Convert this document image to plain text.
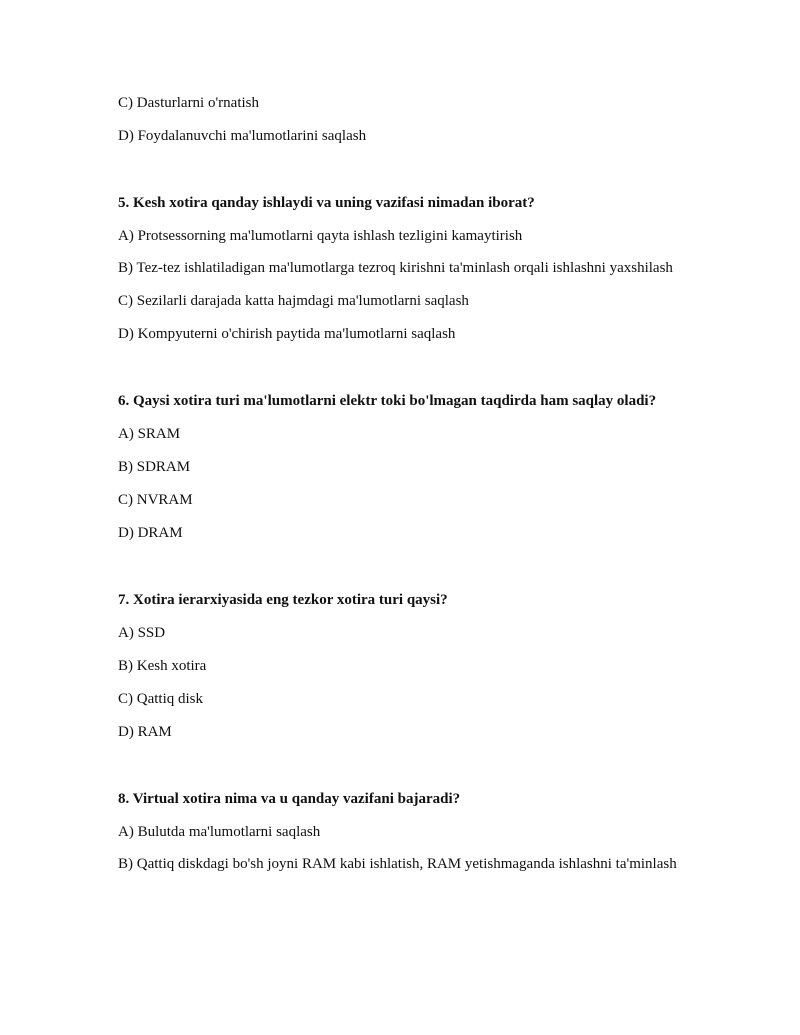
C) Dasturlarni o'rnatish
D) Foydalanuvchi ma'lumotlarini saqlash
5. Kesh xotira qanday ishlaydi va uning vazifasi nimadan iborat?
A) Protsessorning ma'lumotlarni qayta ishlash tezligini kamaytirish
B) Tez-tez ishlatiladigan ma'lumotlarga tezroq kirishni ta'minlash orqali ishlashni yaxshilash
C) Sezilarli darajada katta hajmdagi ma'lumotlarni saqlash
D) Kompyuterni o'chirish paytida ma'lumotlarni saqlash
6. Qaysi xotira turi ma'lumotlarni elektr toki bo'lmagan taqdirda ham saqlay oladi?
A) SRAM
B) SDRAM
C) NVRAM
D) DRAM
7. Xotira ierarxiyasida eng tezkor xotira turi qaysi?
A) SSD
B) Kesh xotira
C) Qattiq disk
D) RAM
8. Virtual xotira nima va u qanday vazifani bajaradi?
A) Bulutda ma'lumotlarni saqlash
B) Qattiq diskdagi bo'sh joyni RAM kabi ishlatish, RAM yetishmaganda ishlashni ta'minlash
